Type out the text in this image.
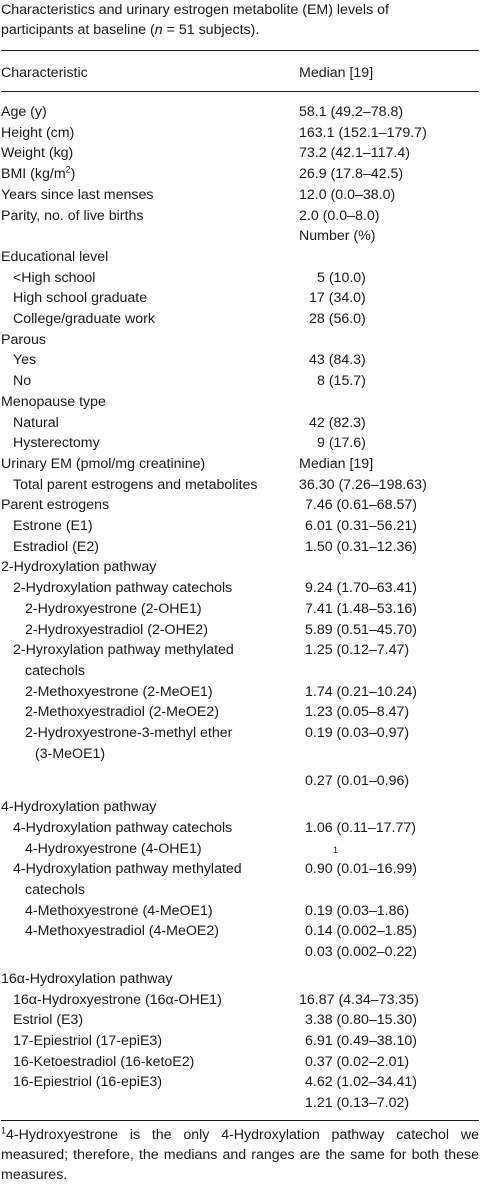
Characteristics and urinary estrogen metabolite (EM) levels of
participants at baseline (n = 51 subjects).

Characteristic	Median [19]
Age (y)	58.1 (49.2–78.8)
Height (cm)	163.1 (152.1–179.7)
Weight (kg)	73.2 (42.1–117.4)
BMI $(kg/m^2)$	26.9 (17.8–42.5)
Years since last menses	12.0 (0.0–38.0)
Parity, no. of live births	2.0 (0.0–8.0)
	Number (%)
Educational level	
<High school	5 (10.0)
High school graduate	17 (34.0)
College/graduate work	28 (56.0)
Parous	
Yes	43 (84.3)
No	8 (15.7)
Menopause type	
Natural	42 (82.3)
Hysterectomy	9 (17.6)
Urinary EM (pmol/mg creatinine)	Median [19]
Total parent estrogens and metabolites	36.30 (7.26–198.63)
Parent estrogens	7.46 (0.61–68.57)
Estrone (E1)	6.01 (0.31–56.21)
Estradiol (E2)	1.50 (0.31–12.36)
2-Hydroxylation pathway	
2-Hydroxylation pathway catechols	9.24 (1.70–63.41)
2-Hydroxyestrone (2-OHE1)	7.41 (1.48–53.16)
2-Hydroxyestradiol (2-OHE2)	5.89 (0.51–45.70)
2-Hyroxylation pathway methylated	1.25 (0.12–7.47)
catechols	
2-Methoxyestrone (2-MeOE1)	1.74 (0.21–10.24)
2-Methoxyestradiol (2-MeOE2)	1.23 (0.05–8.47)
2-Hydroxyestrone-3-methyl ether	0.19 (0.03–0.97)
(3-MeOE1)	
	0.27 (0.01–0.96)
4-Hydroxylation pathway	
4-Hydroxylation pathway catechols	1.06 (0.11–17.77)
4-Hydroxyestrone (4-OHE1)	1
4-Hydroxylation pathway methylated	0.90 (0.01–16.99)
catechols	
4-Methoxyestrone (4-MeOE1)	0.19 (0.03–1.86)
4-Methoxyestradiol (4-MeOE2)	0.14 (0.002–1.85)
	0.03 (0.002–0.22)
16α-Hydroxylation pathway	
16α-Hydroxyestrone (16α-OHE1)	16.87 (4.34–73.35)
Estriol (E3)	3.38 (0.80–15.30)
17-Epiestriol (17-epiE3)	6.91 (0.49–38.10)
16-Ketoestradiol (16-ketoE2)	0.37 (0.02–2.01)
16-Epiestriol (16-epiE3)	4.62 (1.02–34.41)
	1.21 (0.13–7.02)

$^1$4-Hydroxyestrone is the only 4-Hydroxylation pathway catechol we measured; therefore, the medians and ranges are the same for both these measures.
